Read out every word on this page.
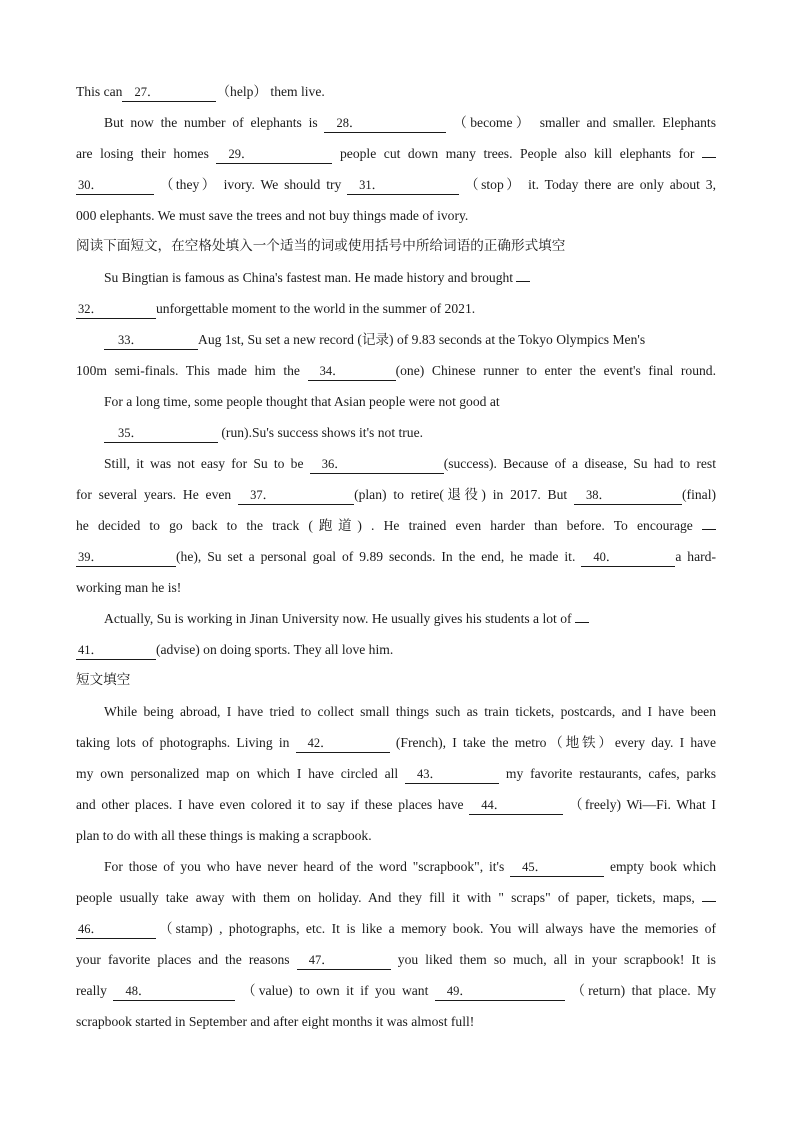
This can 27．	（help） them live.
But now the number of elephants is 28．	（become） smaller and smaller. Elephants
are losing their homes 29．	people cut down many trees. People also kill elephants for
30．	（they） ivory. We should try 31．	（stop） it. Today there are only about 3,
000 elephants. We must save the trees and not buy things made of ivory.
阅读下面短文，在空格处填入一个适当的词或使用括号中所给词语的正确形式填空
Su Bingtian is famous as China's fastest man. He made history and brought
32．	unforgettable moment to the world in the summer of 2021.
33．	Aug 1st, Su set a new record (记录) of 9.83 seconds at the Tokyo Olympics Men's
100m semi-finals. This made him the 34．	(one) Chinese runner to enter the event's final round.
For a long time, some people thought that Asian people were not good at
35．	(run).Su's success shows it's not true.
Still, it was not easy for Su to be 36．	(success). Because of a disease, Su had to rest
for several years. He even 37．	(plan) to retire(退役) in 2017. But 38．	(final)
he decided to go back to the track (跑道) . He trained even harder than before. To encourage
39．	(he), Su set a personal goal of 9.89 seconds. In the end, he made it. 40．	a hard-
working man he is!
Actually, Su is working in Jinan University now. He usually gives his students a lot of
41．	(advise) on doing sports. They all love him.
短文填空
While being abroad, I have tried to collect small things such as train tickets, postcards, and I have been
taking lots of photographs. Living in 42．	(French), I take the metro（地铁）every day. I have
my own personalized map on which I have circled all 43．	my favorite restaurants, cafes, parks
and other places. I have even colored it to say if these places have 44．	（freely) Wi—Fi. What I
plan to do with all these things is making a scrapbook.
For those of you who have never heard of the word "scrapbook", it's 45．	empty book which
people usually take away with them on holiday. And they fill it with " scraps" of paper, tickets, maps,
46．	（stamp) , photographs, etc. It is like a memory book. You will always have the memories of
your favorite places and the reasons 47．	you liked them so much, all in your scrapbook! It is
really 48．	（value) to own it if you want 49．	（return) that place. My
scrapbook started in September and after eight months it was almost full!
